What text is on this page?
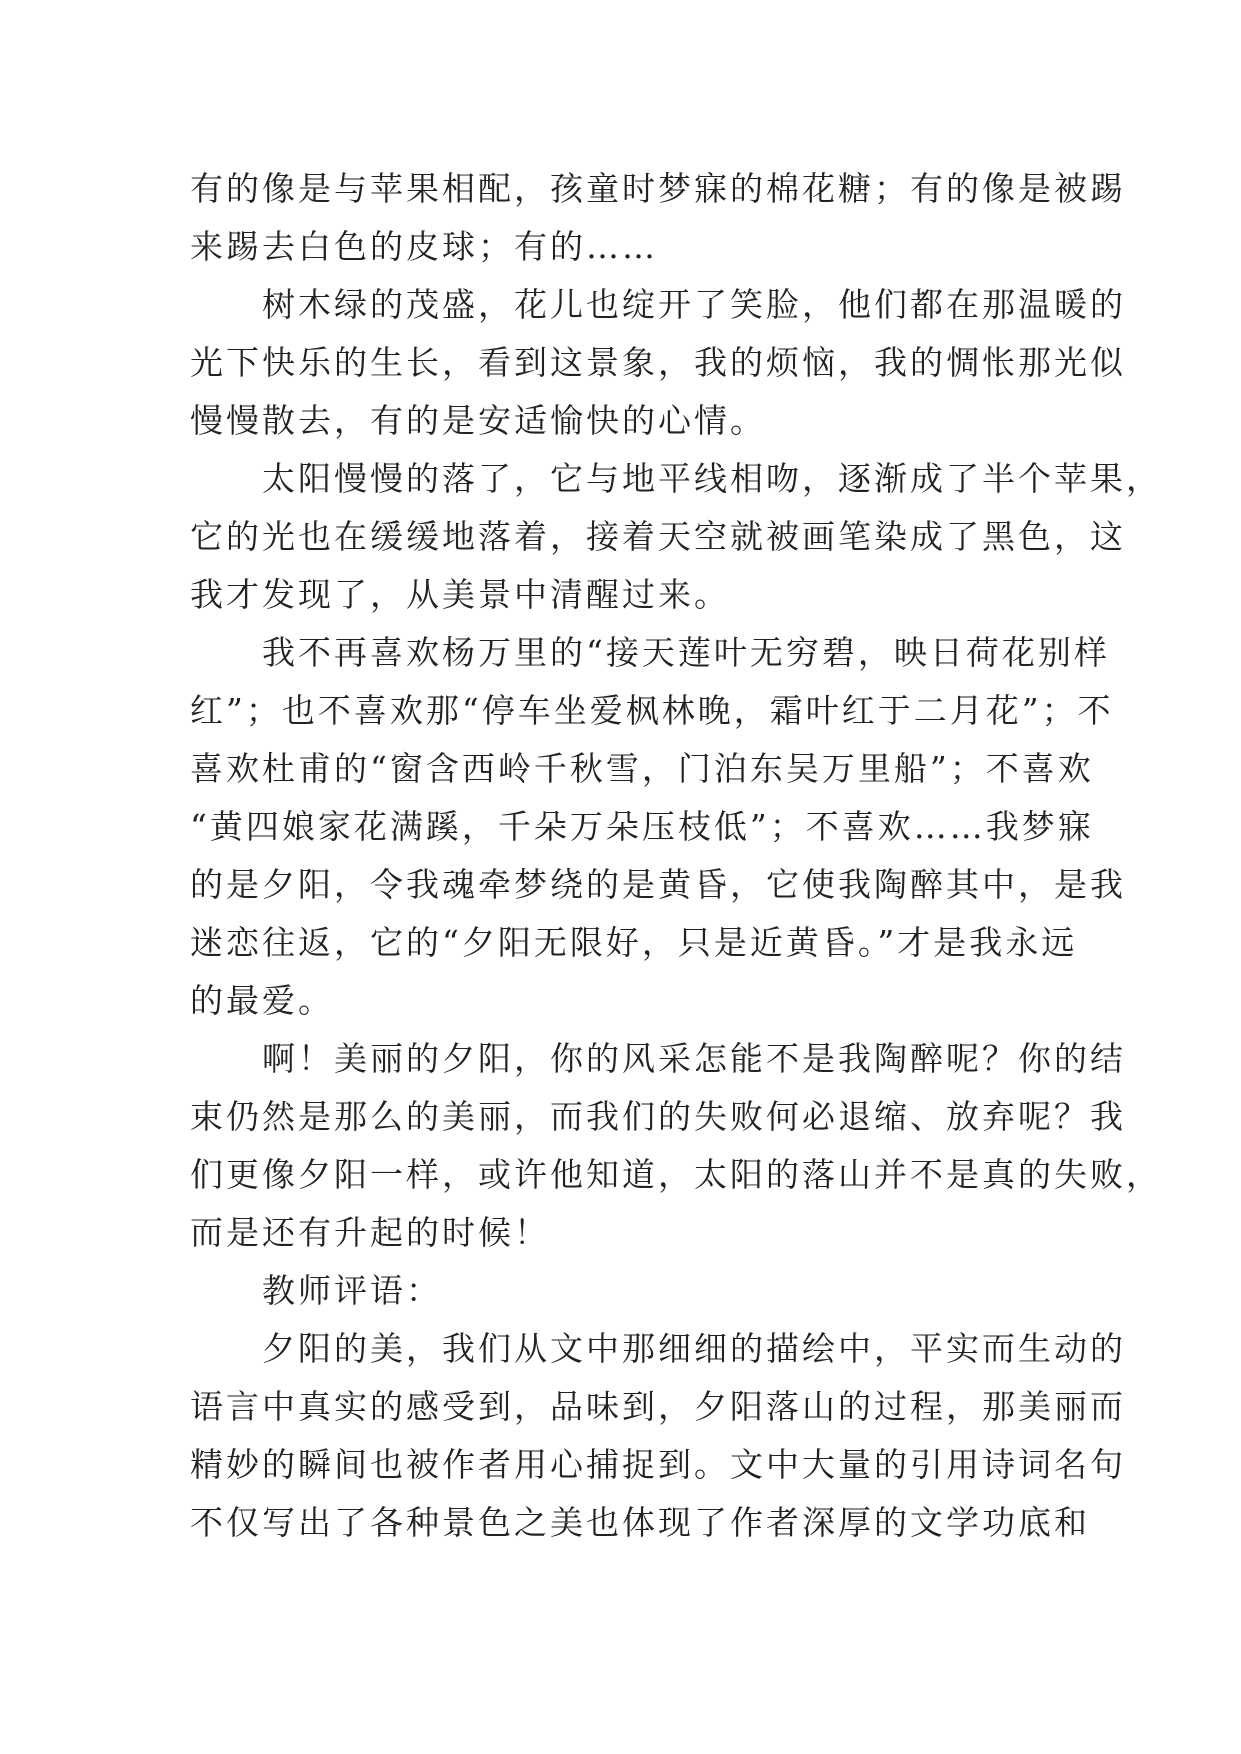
有的像是与苹果相配，孩童时梦寐的棉花糖；有的像是被踢
来踢去白色的皮球；有的……
树木绿的茂盛，花儿也绽开了笑脸，他们都在那温暖的
光下快乐的生长，看到这景象，我的烦恼，我的惆怅那光似
慢慢散去，有的是安适愉快的心情。
太阳慢慢的落了，它与地平线相吻，逐渐成了半个苹果，
它的光也在缓缓地落着，接着天空就被画笔染成了黑色，这
我才发现了，从美景中清醒过来。
我不再喜欢杨万里的“接天莲叶无穷碧，映日荷花别样
红”；也不喜欢那“停车坐爱枫林晚，霜叶红于二月花”；不
喜欢杜甫的“窗含西岭千秋雪，门泊东吴万里船”；不喜欢
“黄四娘家花满蹊，千朵万朵压枝低”；不喜欢……我梦寐
的是夕阳，令我魂牵梦绕的是黄昏，它使我陶醉其中，是我
迷恋往返，它的“夕阳无限好，只是近黄昏。”才是我永远
的最爱。
啊！美丽的夕阳，你的风采怎能不是我陶醉呢？你的结
束仍然是那么的美丽，而我们的失败何必退缩、放弃呢？我
们更像夕阳一样，或许他知道，太阳的落山并不是真的失败，
而是还有升起的时候！
教师评语：
夕阳的美，我们从文中那细细的描绘中，平实而生动的
语言中真实的感受到，品味到，夕阳落山的过程，那美丽而
精妙的瞬间也被作者用心捕捉到。文中大量的引用诗词名句
不仅写出了各种景色之美也体现了作者深厚的文学功底和
